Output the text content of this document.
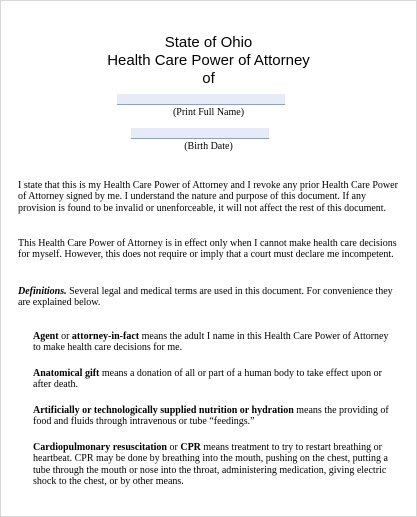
State of Ohio
Health Care Power of Attorney
of
(Print Full Name)
(Birth Date)

I state that this is my Health Care Power of Attorney and I revoke any prior Health Care Power of Attorney signed by me. I understand the nature and purpose of this document. If any provision is found to be invalid or unenforceable, it will not affect the rest of this document.

This Health Care Power of Attorney is in effect only when I cannot make health care decisions for myself. However, this does not require or imply that a court must declare me incompetent.

Definitions. Several legal and medical terms are used in this document. For convenience they are explained below.

Agent or attorney-in-fact means the adult I name in this Health Care Power of Attorney to make health care decisions for me.

Anatomical gift means a donation of all or part of a human body to take effect upon or after death.

Artificially or technologically supplied nutrition or hydration means the providing of food and fluids through intravenous or tube “feedings.”

Cardiopulmonary resuscitation or CPR means treatment to try to restart breathing or heartbeat. CPR may be done by breathing into the mouth, pushing on the chest, putting a tube through the mouth or nose into the throat, administering medication, giving electric shock to the chest, or by other means.
